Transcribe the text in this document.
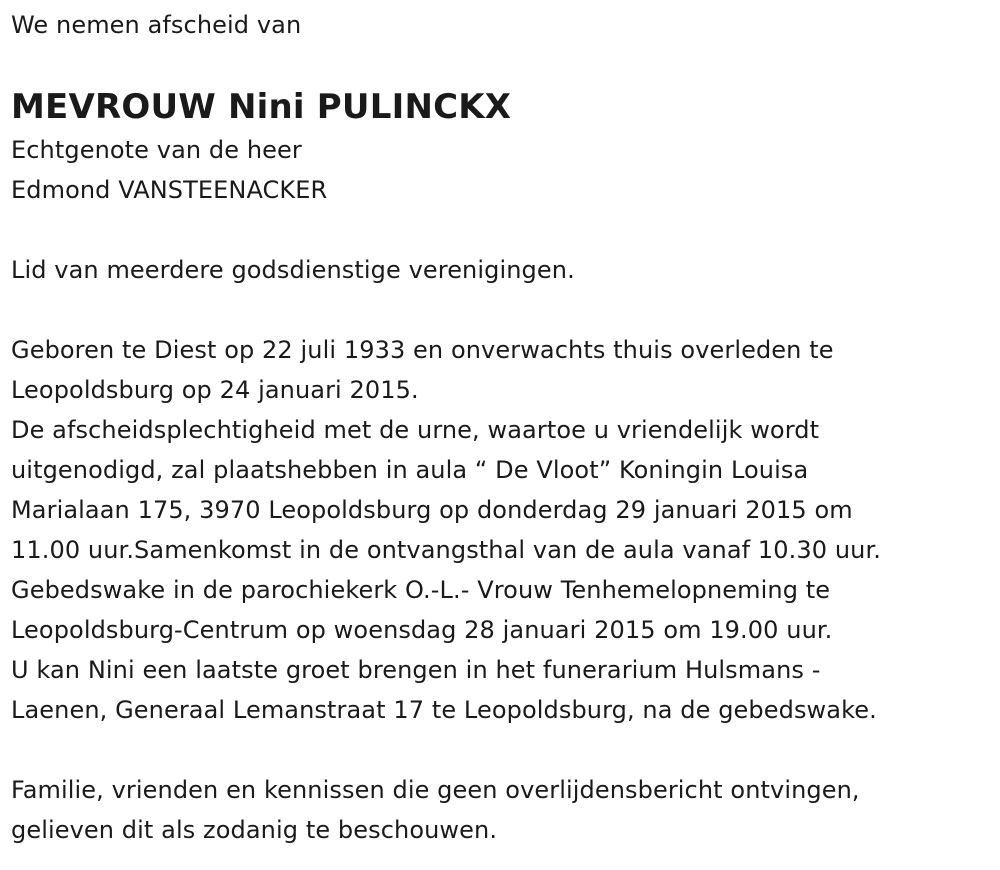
We nemen afscheid van

MEVROUW Nini PULINCKX

Echtgenote van de heer

Edmond VANSTEENACKER

Lid van meerdere godsdienstige verenigingen.

Geboren te Diest op 22 juli 1933 en onverwachts thuis overleden te

Leopoldsburg op 24 januari 2015.

De afscheidsplechtigheid met de urne, waartoe u vriendelijk wordt

uitgenodigd, zal plaatshebben in aula “ De Vloot” Koningin Louisa

Marialaan 175, 3970 Leopoldsburg op donderdag 29 januari 2015 om

11.00 uur.Samenkomst in de ontvangsthal van de aula vanaf 10.30 uur.

Gebedswake in de parochiekerk O.-L.- Vrouw Tenhemelopneming te

Leopoldsburg-Centrum op woensdag 28 januari 2015 om 19.00 uur.

U kan Nini een laatste groet brengen in het funerarium Hulsmans -

Laenen, Generaal Lemanstraat 17 te Leopoldsburg, na de gebedswake.

Familie, vrienden en kennissen die geen overlijdensbericht ontvingen,

gelieven dit als zodanig te beschouwen.
